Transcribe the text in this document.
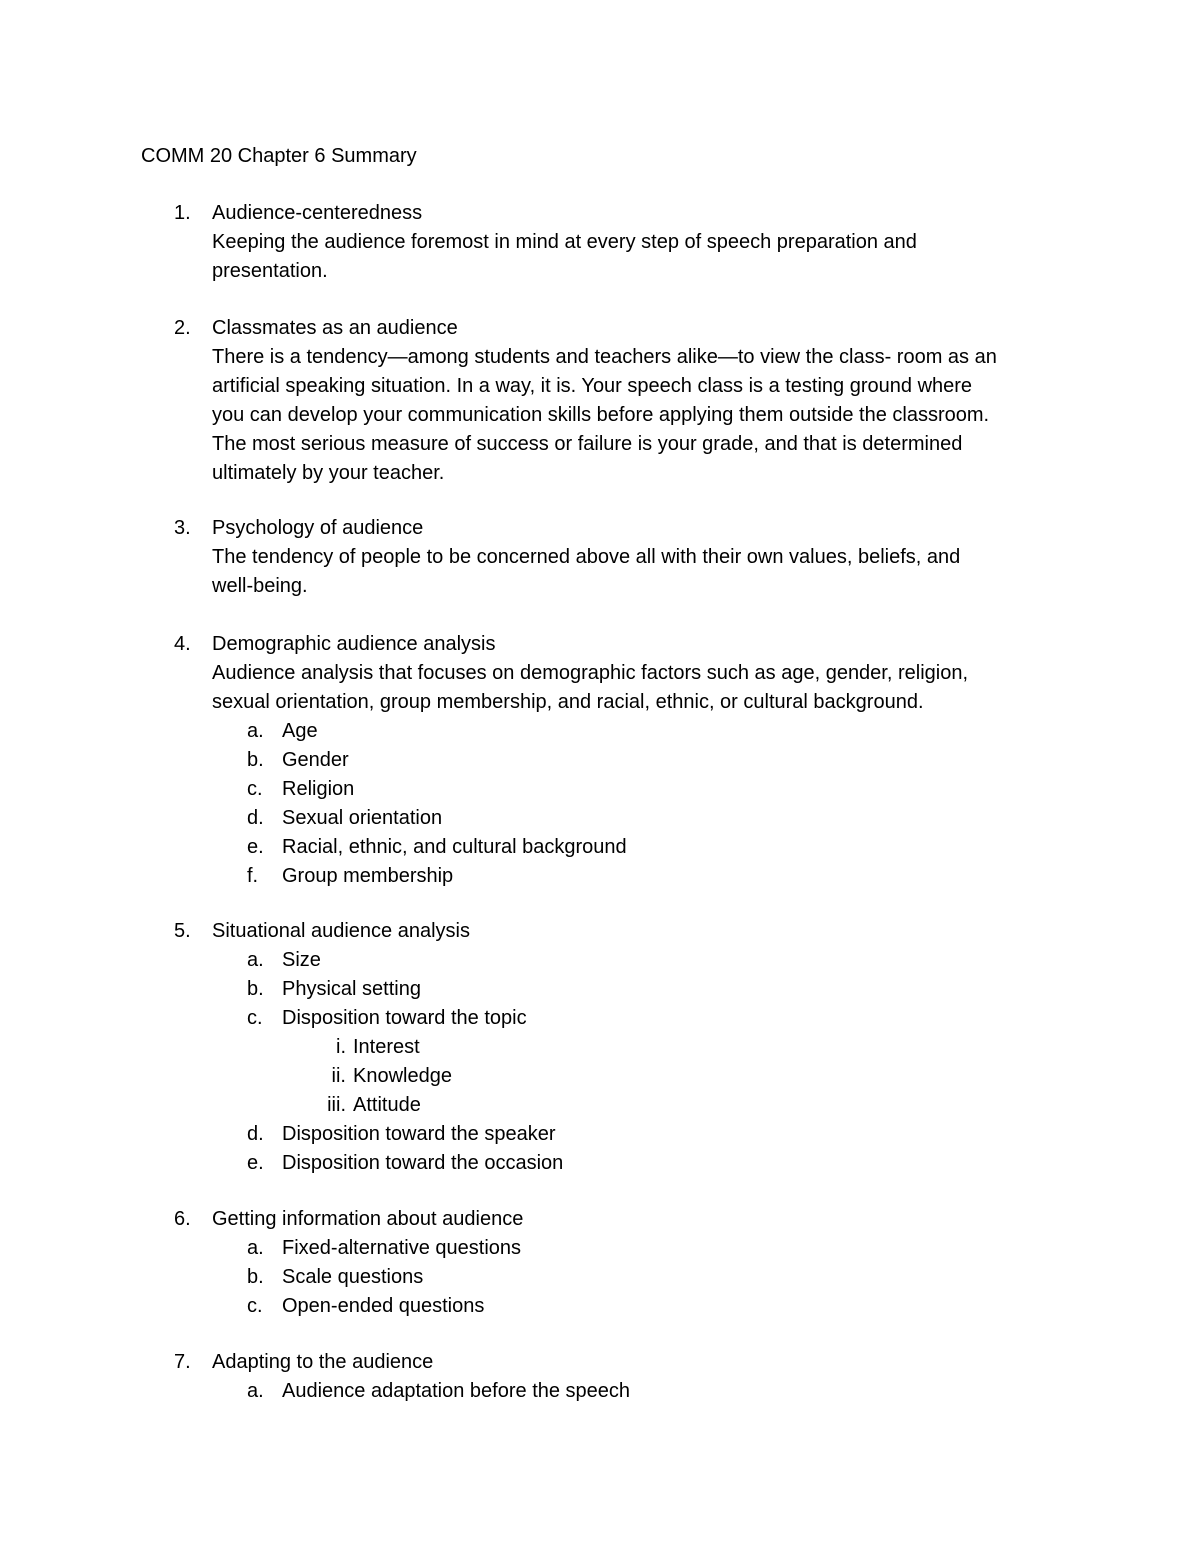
COMM 20 Chapter 6 Summary
1.	Audience-centeredness
Keeping the audience foremost in mind at every step of speech preparation and
presentation.
2.	Classmates as an audience
There is a tendency—among students and teachers alike—to view the class- room as an
artificial speaking situation. In a way, it is. Your speech class is a testing ground where
you can develop your communication skills before applying them outside the classroom.
The most serious measure of success or failure is your grade, and that is determined
ultimately by your teacher.
3.	Psychology of audience
The tendency of people to be concerned above all with their own values, beliefs, and
well-being.
4.	Demographic audience analysis
Audience analysis that focuses on demographic factors such as age, gender, religion,
sexual orientation, group membership, and racial, ethnic, or cultural background.
a. Age
b. Gender
c. Religion
d. Sexual orientation
e. Racial, ethnic, and cultural background
f.	Group membership
5.	Situational audience analysis
a. Size
b. Physical setting
c. Disposition toward the topic
i. Interest
ii. Knowledge
iii. Attitude
d. Disposition toward the speaker
e. Disposition toward the occasion
6.	Getting information about audience
a. Fixed-alternative questions
b. Scale questions
c. Open-ended questions
7.	Adapting to the audience
a. Audience adaptation before the speech
